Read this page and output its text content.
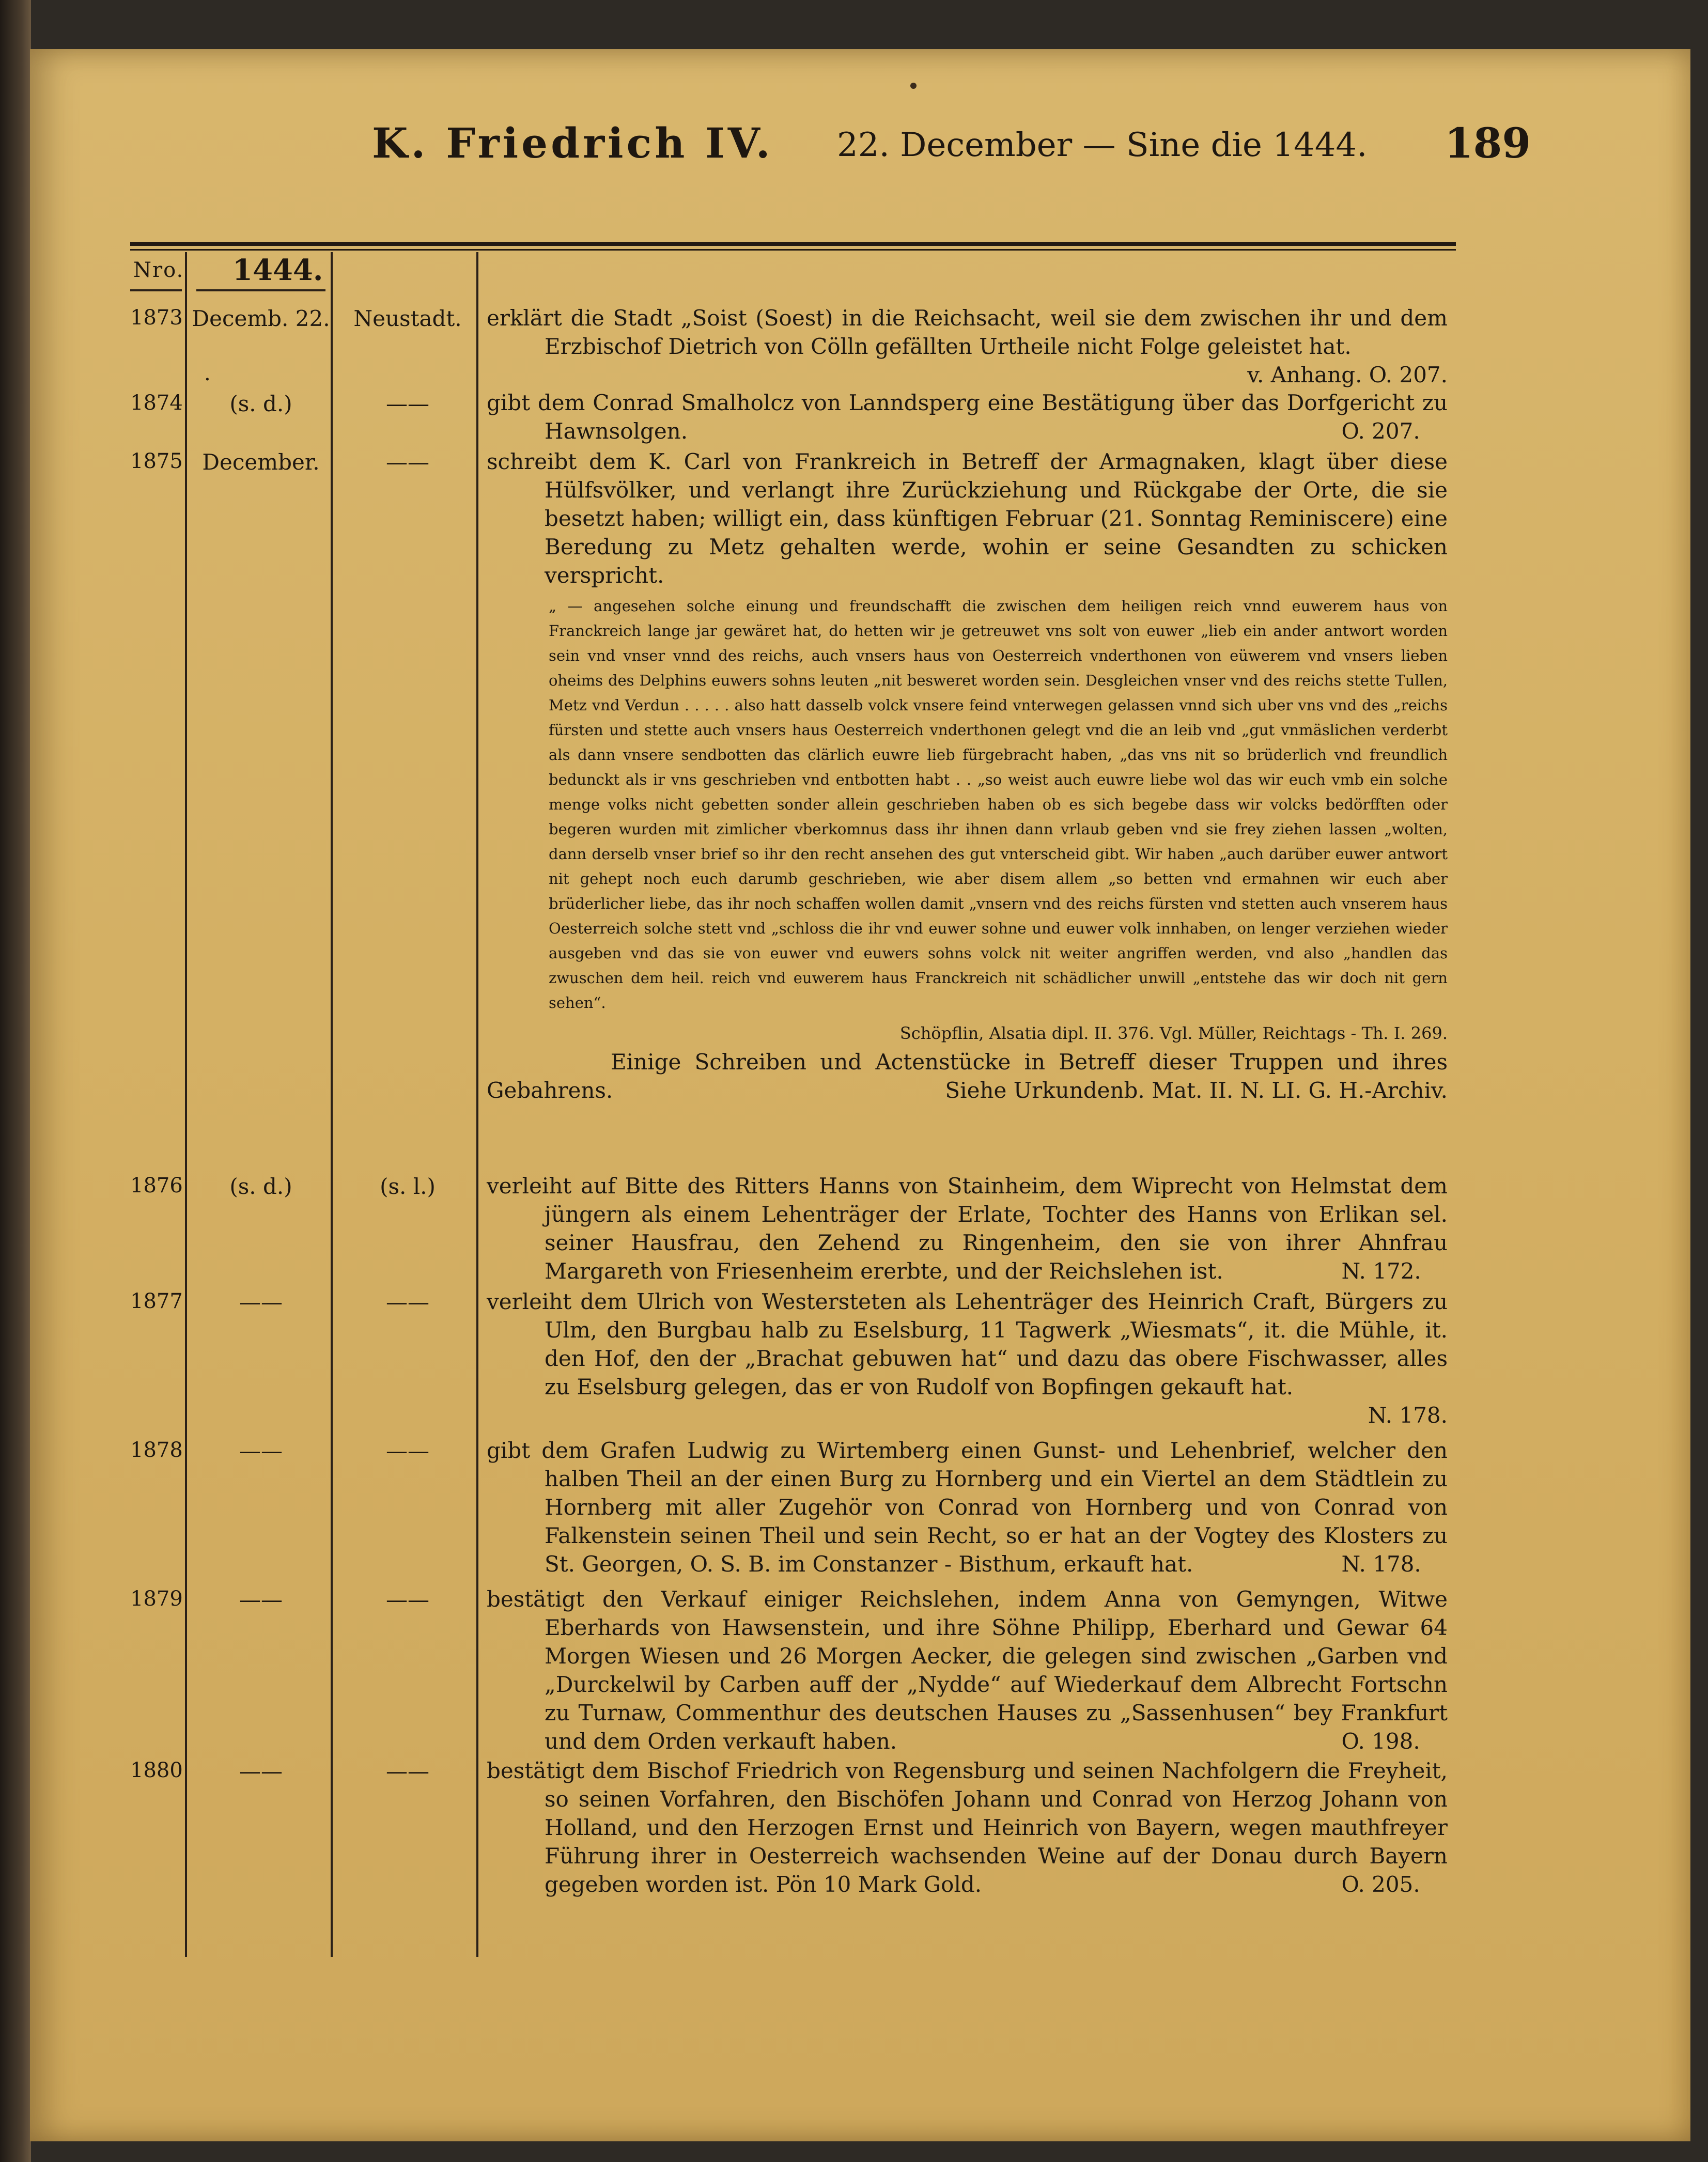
K. Friedrich IV. 22. December — Sine die 1444. 189
Nro. 1444.
1873 Decemb. 22.	Neustadt.	erklärt die Stadt „Soist (Soest) in die Reichsacht, weil sie dem zwischen ihr und dem Erzbischof Dietrich von Cölln gefällten Urtheile nicht Folge geleistet hat.

v. Anhang. O. 207.

.
1874	(s. d.)	——	gibt dem Conrad Smalholcz von Lanndsperg eine Bestätigung über das Dorfgericht zu Hawnsolgen.	O. 207.

1875 December.	——	schreibt dem K. Carl von Frankreich in Betreff der Armagnaken, klagt über diese Hülfsvölker, und verlangt ihre Zurückziehung und Rückgabe der Orte, die sie besetzt haben; willigt ein, dass künftigen Februar (21. Sonntag Reminiscere) eine Beredung zu Metz gehalten werde, wohin er seine Gesandten zu schicken verspricht.

„ — angesehen solche einung und freundschafft die zwischen dem heiligen reich vnnd euwerem haus von Franckreich lange jar gewäret hat, do hetten wir je getreuwet vns solt von euwer „lieb ein ander antwort worden sein vnd vnser vnnd des reichs, auch vnsers haus von Oesterreich vnderthonen von eüwerem vnd vnsers lieben oheims des Delphins euwers sohns leuten „nit besweret worden sein. Desgleichen vnser vnd des reichs stette Tullen, Metz vnd Verdun . . . . . also hatt dasselb volck vnsere feind vnterwegen gelassen vnnd sich uber vns vnd des „reichs fürsten und stette auch vnsers haus Oesterreich vnderthonen gelegt vnd die an leib vnd „gut vnmäslichen verderbt als dann vnsere sendbotten das clärlich euwre lieb fürgebracht haben, „das vns nit so brüderlich vnd freundlich bedunckt als ir vns geschrieben vnd entbotten habt . . „so weist auch euwre liebe wol das wir euch vmb ein solche menge volks nicht gebetten sonder allein geschrieben haben ob es sich begebe dass wir volcks bedörfften oder begeren wurden mit zimlicher vberkomnus dass ihr ihnen dann vrlaub geben vnd sie frey ziehen lassen „wolten, dann derselb vnser brief so ihr den recht ansehen des gut vnterscheid gibt. Wir haben „auch darüber euwer antwort nit gehept noch euch darumb geschrieben, wie aber disem allem „so betten vnd ermahnen wir euch aber brüderlicher liebe, das ihr noch schaffen wollen damit „vnsern vnd des reichs fürsten vnd stetten auch vnserem haus Oesterreich solche stett vnd „schloss die ihr vnd euwer sohne und euwer volk innhaben, on lenger verziehen wieder ausgeben vnd das sie von euwer vnd euwers sohns volck nit weiter angriffen werden, vnd also „handlen das zwuschen dem heil. reich vnd euwerem haus Franckreich nit schädlicher unwill „entstehe das wir doch nit gern sehen“.

Schöpflin, Alsatia dipl. II. 376. Vgl. Müller, Reichtags - Th. I. 269.

Einige Schreiben und Actenstücke in Betreff dieser Truppen und ihres Gebahrens.	Siehe Urkundenb. Mat. II. N. LI. G. H.-Archiv.

1876	(s. d.)	(s. l.)	verleiht auf Bitte des Ritters Hanns von Stainheim, dem Wiprecht von Helmstat dem jüngern als einem Lehenträger der Erlate, Tochter des Hanns von Erlikan sel. seiner Hausfrau, den Zehend zu Ringenheim, den sie von ihrer Ahnfrau Margareth von Friesenheim ererbte, und der Reichslehen ist.	N. 172.

1877	——	——	verleiht dem Ulrich von Westersteten als Lehenträger des Heinrich Craft, Bürgers zu Ulm, den Burgbau halb zu Eselsburg, 11 Tagwerk „Wiesmats“, it. die Mühle, it. den Hof, den der „Brachat gebuwen hat“ und dazu das obere Fischwasser, alles zu Eselsburg gelegen, das er von Rudolf von Bopfingen gekauft hat.

N. 178.

1878	——	——	gibt dem Grafen Ludwig zu Wirtemberg einen Gunst- und Lehenbrief, welcher den halben Theil an der einen Burg zu Hornberg und ein Viertel an dem Städtlein zu Hornberg mit aller Zugehör von Conrad von Hornberg und von Conrad von Falkenstein seinen Theil und sein Recht, so er hat an der Vogtey des Klosters zu St. Georgen, O. S. B. im Constanzer - Bisthum, erkauft hat.	N. 178.

1879	——	——	bestätigt den Verkauf einiger Reichslehen, indem Anna von Gemyngen, Witwe Eberhards von Hawsenstein, und ihre Söhne Philipp, Eberhard und Gewar 64 Morgen Wiesen und 26 Morgen Aecker, die gelegen sind zwischen „Garben vnd „Durckelwil by Carben auff der „Nydde“ auf Wiederkauf dem Albrecht Fortschn zu Turnaw, Commenthur des deutschen Hauses zu „Sassenhusen“ bey Frankfurt und dem Orden verkauft haben.	O. 198.

1880	——	——	bestätigt dem Bischof Friedrich von Regensburg und seinen Nachfolgern die Freyheit, so seinen Vorfahren, den Bischöfen Johann und Conrad von Herzog Johann von Holland, und den Herzogen Ernst und Heinrich von Bayern, wegen mauthfreyer Führung ihrer in Oesterreich wachsenden Weine auf der Donau durch Bayern gegeben worden ist. Pön 10 Mark Gold.	O. 205.
